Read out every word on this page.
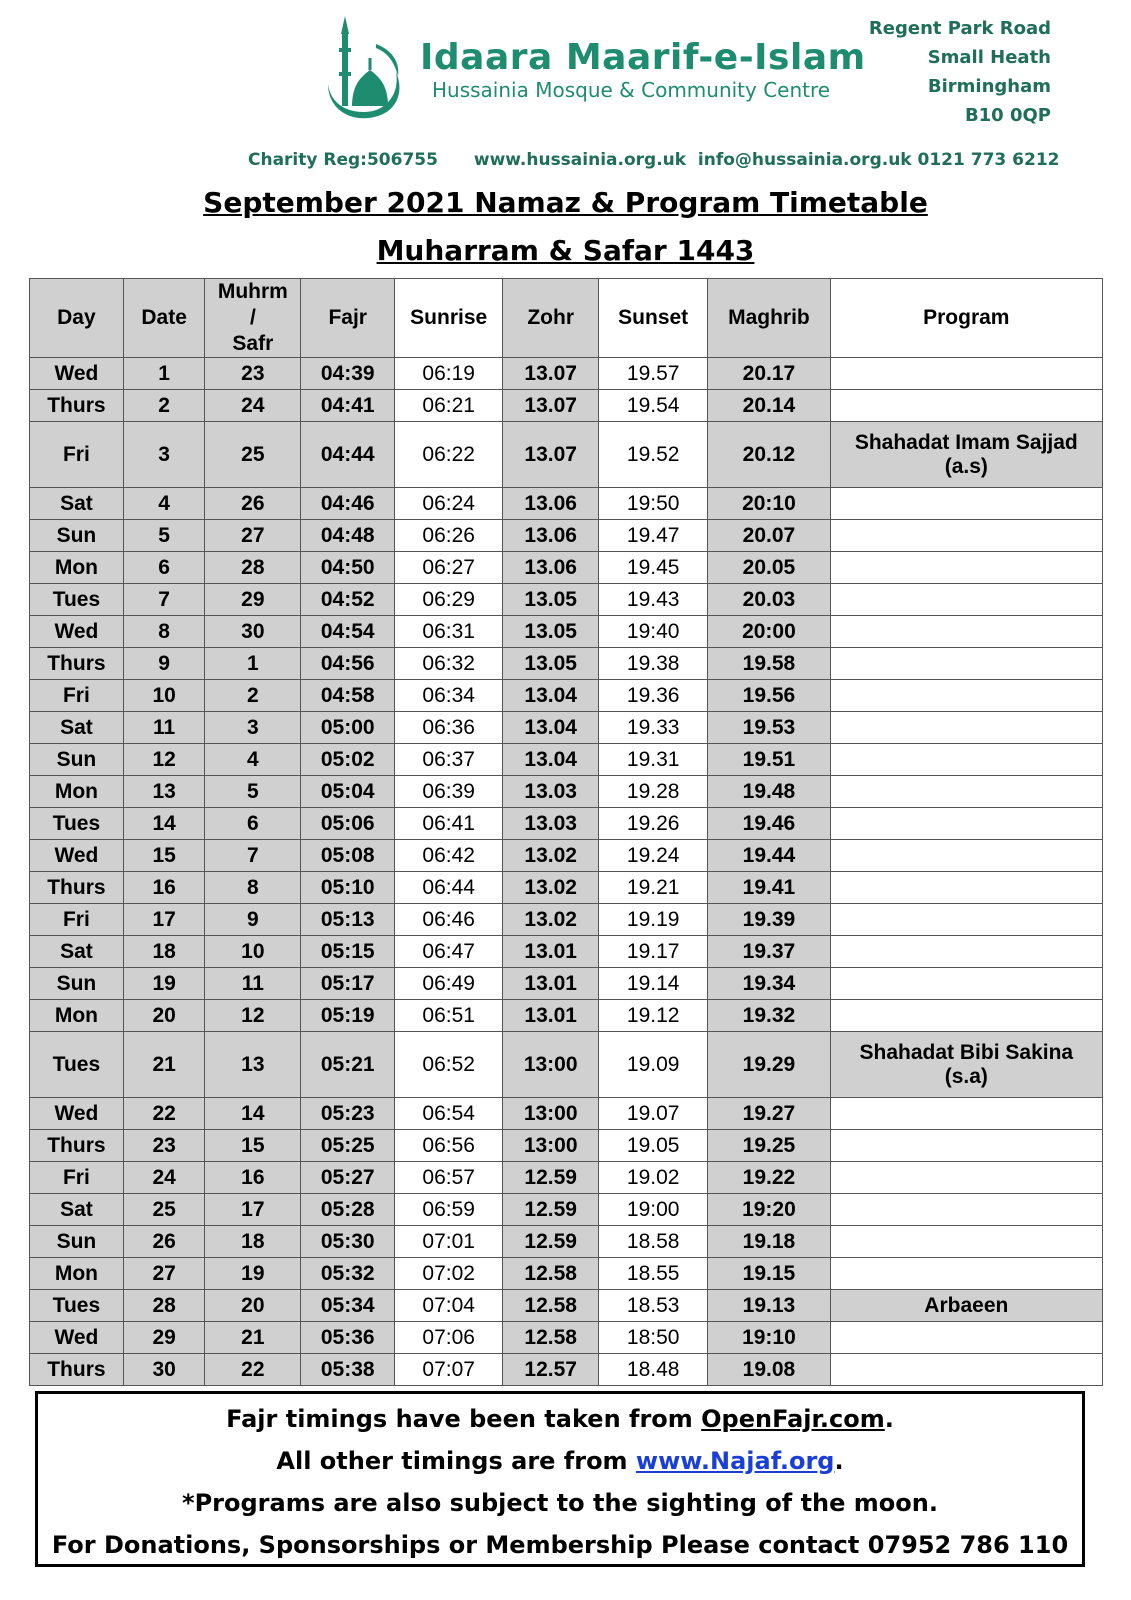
Idaara Maarif-e-Islam
Hussainia Mosque & Community Centre
Regent Park Road
Small Heath
Birmingham
B10 0QP
Charity Reg:506755 www.hussainia.org.uk  info@hussainia.org.uk 0121 773 6212
September 2021 Namaz & Program Timetable
Muharram & Safar 1443
Day	Date	Muhrm
/
Safr	Fajr	Sunrise	Zohr	Sunset	Maghrib	Program
Wed	1	23	04:39	06:19	13.07	19.57	20.17	
Thurs	2	24	04:41	06:21	13.07	19.54	20.14	
Fri	3	25	04:44	06:22	13.07	19.52	20.12	Shahadat Imam Sajjad
(a.s)

Sat	4	26	04:46	06:24	13.06	19:50	20:10	
Sun	5	27	04:48	06:26	13.06	19.47	20.07	
Mon	6	28	04:50	06:27	13.06	19.45	20.05	
Tues	7	29	04:52	06:29	13.05	19.43	20.03	
Wed	8	30	04:54	06:31	13.05	19:40	20:00	
Thurs	9	1	04:56	06:32	13.05	19.38	19.58	
Fri	10	2	04:58	06:34	13.04	19.36	19.56	
Sat	11	3	05:00	06:36	13.04	19.33	19.53	
Sun	12	4	05:02	06:37	13.04	19.31	19.51	
Mon	13	5	05:04	06:39	13.03	19.28	19.48	
Tues	14	6	05:06	06:41	13.03	19.26	19.46	
Wed	15	7	05:08	06:42	13.02	19.24	19.44	
Thurs	16	8	05:10	06:44	13.02	19.21	19.41	
Fri	17	9	05:13	06:46	13.02	19.19	19.39	
Sat	18	10	05:15	06:47	13.01	19.17	19.37	
Sun	19	11	05:17	06:49	13.01	19.14	19.34	
Mon	20	12	05:19	06:51	13.01	19.12	19.32	
Tues	21	13	05:21	06:52	13:00	19.09	19.29	Shahadat Bibi Sakina
(s.a)

Wed	22	14	05:23	06:54	13:00	19.07	19.27	
Thurs	23	15	05:25	06:56	13:00	19.05	19.25	
Fri	24	16	05:27	06:57	12.59	19.02	19.22	
Sat	25	17	05:28	06:59	12.59	19:00	19:20	
Sun	26	18	05:30	07:01	12.59	18.58	19.18	
Mon	27	19	05:32	07:02	12.58	18.55	19.15	
Tues	28	20	05:34	07:04	12.58	18.53	19.13	Arbaeen

Wed	29	21	05:36	07:06	12.58	18:50	19:10	
Thurs	30	22	05:38	07:07	12.57	18.48	19.08	
Fajr timings have been taken from OpenFajr.com.
All other timings are from www.Najaf.org.
*Programs are also subject to the sighting of the moon.
For Donations, Sponsorships or Membership Please contact 07952 786 110
